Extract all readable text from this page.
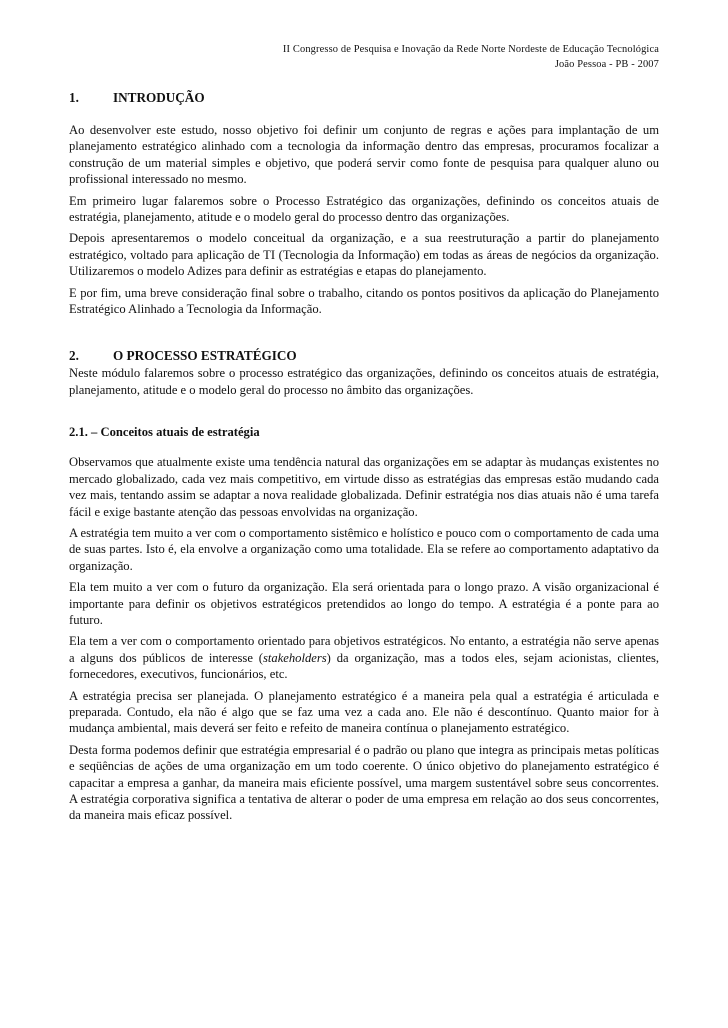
II Congresso de Pesquisa e Inovação da Rede Norte Nordeste de Educação Tecnológica
João Pessoa - PB - 2007
1.	INTRODUÇÃO

Ao desenvolver este estudo, nosso objetivo foi definir um conjunto de regras e ações para implantação de um planejamento estratégico alinhado com a tecnologia da informação dentro das empresas, procuramos focalizar a construção de um material simples e objetivo, que poderá servir como fonte de pesquisa para qualquer aluno ou profissional interessado no mesmo.

Em primeiro lugar falaremos sobre o Processo Estratégico das organizações, definindo os conceitos atuais de estratégia, planejamento, atitude e o modelo geral do processo dentro das organizações.

Depois apresentaremos o modelo conceitual da organização, e a sua reestruturação a partir do planejamento estratégico, voltado para aplicação de TI (Tecnologia da Informação) em todas as áreas de negócios da organização. Utilizaremos o modelo Adizes para definir as estratégias e etapas do planejamento.

E por fim, uma breve consideração final sobre o trabalho, citando os pontos positivos da aplicação do Planejamento Estratégico Alinhado a Tecnologia da Informação.

2.	O PROCESSO ESTRATÉGICO

Neste módulo falaremos sobre o processo estratégico das organizações, definindo os conceitos atuais de estratégia, planejamento, atitude e o modelo geral do processo no âmbito das organizações.

2.1. – Conceitos atuais de estratégia

Observamos que atualmente existe uma tendência natural das organizações em se adaptar às mudanças existentes no mercado globalizado, cada vez mais competitivo, em virtude disso as estratégias das empresas estão mudando cada vez mais, tentando assim se adaptar a nova realidade globalizada. Definir estratégia nos dias atuais não é uma tarefa fácil e exige bastante atenção das pessoas envolvidas na organização.

A estratégia tem muito a ver com o comportamento sistêmico e holístico e pouco com o comportamento de cada uma de suas partes. Isto é, ela envolve a organização como uma totalidade. Ela se refere ao comportamento adaptativo da organização.

Ela tem muito a ver com o futuro da organização. Ela será orientada para o longo prazo. A visão organizacional é importante para definir os objetivos estratégicos pretendidos ao longo do tempo. A estratégia é a ponte para ao futuro.

Ela tem a ver com o comportamento orientado para objetivos estratégicos. No entanto, a estratégia não serve apenas a alguns dos públicos de interesse (stakeholders) da organização, mas a todos eles, sejam acionistas, clientes, fornecedores, executivos, funcionários, etc.

A estratégia precisa ser planejada. O planejamento estratégico é a maneira pela qual a estratégia é articulada e preparada. Contudo, ela não é algo que se faz uma vez a cada ano. Ele não é descontínuo. Quanto maior for à mudança ambiental, mais deverá ser feito e refeito de maneira contínua o planejamento estratégico.

Desta forma podemos definir que estratégia empresarial é o padrão ou plano que integra as principais metas políticas e seqüências de ações de uma organização em um todo coerente. O único objetivo do planejamento estratégico é capacitar a empresa a ganhar, da maneira mais eficiente possível, uma margem sustentável sobre seus concorrentes. A estratégia corporativa significa a tentativa de alterar o poder de uma empresa em relação ao dos seus concorrentes, da maneira mais eficaz possível.
